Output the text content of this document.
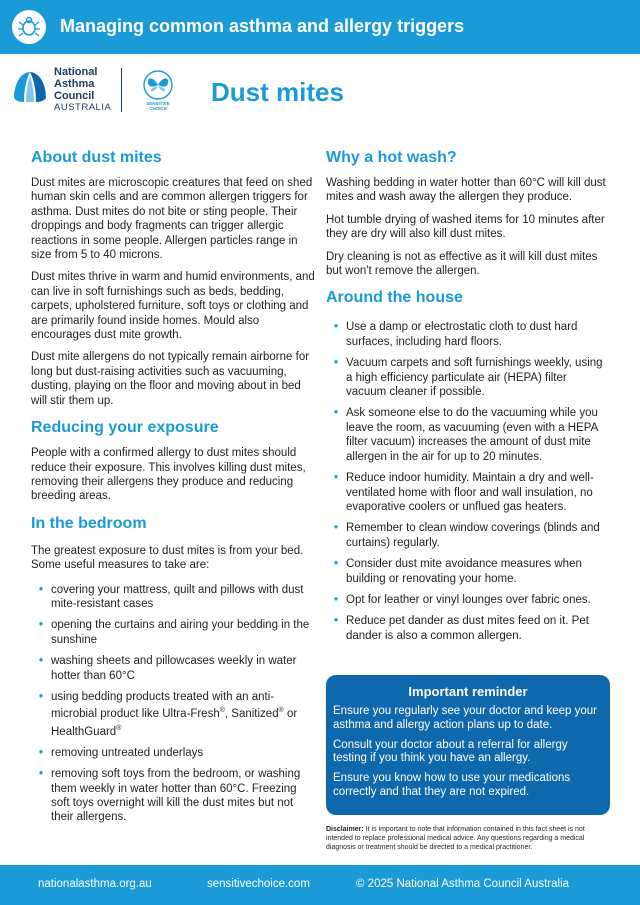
Managing common asthma and allergy triggers
National
Asthma
Council
AUSTRALIA	SENSITIVE
CHOICE
Dust mites
About dust mites

Dust mites are microscopic creatures that feed on shed human skin cells and are common allergen triggers for asthma. Dust mites do not bite or sting people. Their droppings and body fragments can trigger allergic reactions in some people. Allergen particles range in size from 5 to 40 microns.

Dust mites thrive in warm and humid environments, and can live in soft furnishings such as beds, bedding, carpets, upholstered furniture, soft toys or clothing and are primarily found inside homes. Mould also encourages dust mite growth.

Dust mite allergens do not typically remain airborne for long but dust-raising activities such as vacuuming, dusting, playing on the floor and moving about in bed will stir them up.

Reducing your exposure

People with a confirmed allergy to dust mites should reduce their exposure. This involves killing dust mites, removing their allergens they produce and reducing breeding areas.

In the bedroom

The greatest exposure to dust mites is from your bed. Some useful measures to take are:

• covering your mattress, quilt and pillows with dust mite-resistant cases
• opening the curtains and airing your bedding in the sunshine
• washing sheets and pillowcases weekly in water hotter than 60°C
• using bedding products treated with an anti-microbial product like Ultra-Fresh®, Sanitized® or HealthGuard®
• removing untreated underlays
• removing soft toys from the bedroom, or washing them weekly in water hotter than 60°C. Freezing soft toys overnight will kill the dust mites but not their allergens.
Why a hot wash?

Washing bedding in water hotter than 60°C will kill dust mites and wash away the allergen they produce.

Hot tumble drying of washed items for 10 minutes after they are dry will also kill dust mites.

Dry cleaning is not as effective as it will kill dust mites but won't remove the allergen.

Around the house
• Use a damp or electrostatic cloth to dust hard surfaces, including hard floors.
• Vacuum carpets and soft furnishings weekly, using a high efficiency particulate air (HEPA) filter vacuum cleaner if possible.
• Ask someone else to do the vacuuming while you leave the room, as vacuuming (even with a HEPA filter vacuum) increases the amount of dust mite allergen in the air for up to 20 minutes.
• Reduce indoor humidity. Maintain a dry and well-ventilated home with floor and wall insulation, no evaporative coolers or unflued gas heaters.
• Remember to clean window coverings (blinds and curtains) regularly.
• Consider dust mite avoidance measures when building or renovating your home.
• Opt for leather or vinyl lounges over fabric ones.
• Reduce pet dander as dust mites feed on it. Pet dander is also a common allergen.
Important reminder

Ensure you regularly see your doctor and keep your asthma and allergy action plans up to date.

Consult your doctor about a referral for allergy testing if you think you have an allergy.

Ensure you know how to use your medications correctly and that they are not expired.

Disclaimer: It is important to note that information contained in this fact sheet is not intended to replace professional medical advice. Any questions regarding a medical diagnosis or treatment should be directed to a medical practitioner.
nationalasthma.org.au	sensitivechoice.com	© 2025 National Asthma Council Australia
